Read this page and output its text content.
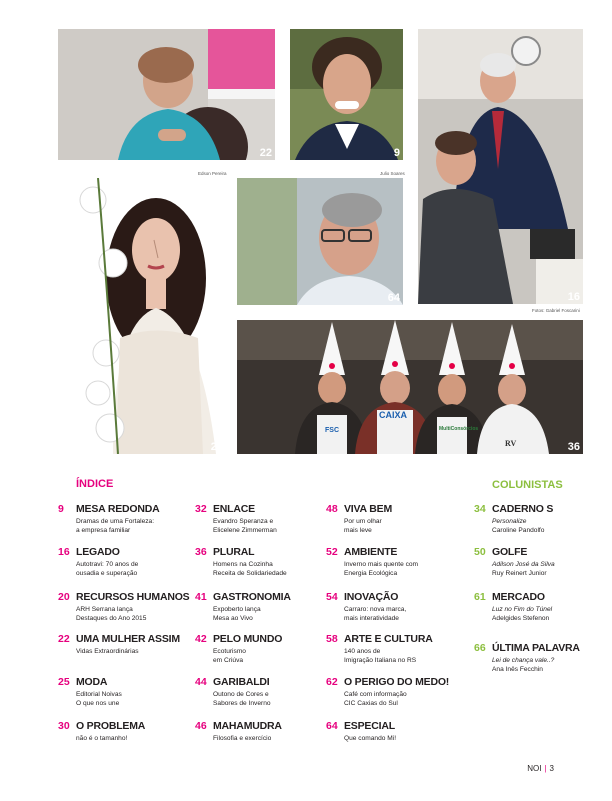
22	9
16
Edson Pereira	Julio Soares
Fotos: Gabriel Foscarini
25
64
FSC
CAIXA
MultiConsórcios
RV	36
ÍNDICE
9	MESA REDONDA
Dramas de uma Fortaleza:
a empresa familiar
16 LEGADO
Autotravi: 70 anos de
ousadia e superação
20 RECURSOS HUMANOS
ARH Serrana lança
Destaques do Ano 2015
22 UMA MULHER ASSIM
Vidas Extraordinárias
25 MODA
Editorial Noivas
O que nos une
30 O PROBLEMA
não é o tamanho!
32 ENLACE
Evandro Speranza e
Elicelene Zimmerman
36 PLURAL
Homens na Cozinha
Receita de Solidariedade
41 GASTRONOMIA
Expoberto lança
Mesa ao Vivo
42 PELO MUNDO
Ecoturismo
em Criúva
44 GARIBALDI
Outono de Cores e
Sabores de Inverno
46 MAHAMUDRA
Filosofia e exercício
48 VIVA BEM
Por um olhar
mais leve
52 AMBIENTE
Inverno mais quente com
Energia Ecológica
54 INOVAÇÃO
Carraro: nova marca,
mais interatividade
58 ARTE E CULTURA
140 anos de
Imigração Italiana no RS
62 O PERIGO DO MEDO!
Café com informação
CIC Caxias do Sul
64 ESPECIAL
Que comando Mi!
COLUNISTAS
34 CADERNO S
Personalize
Caroline Pandolfo
50 GOLFE
Adilson José da Silva
Ruy Reinert Junior
61 MERCADO
Luz no Fim do Túnel
Adelgides Stefenon
66 ÚLTIMA PALAVRA
Lei de chança vale..?
Ana Inês Fecchin
NOI | 3
